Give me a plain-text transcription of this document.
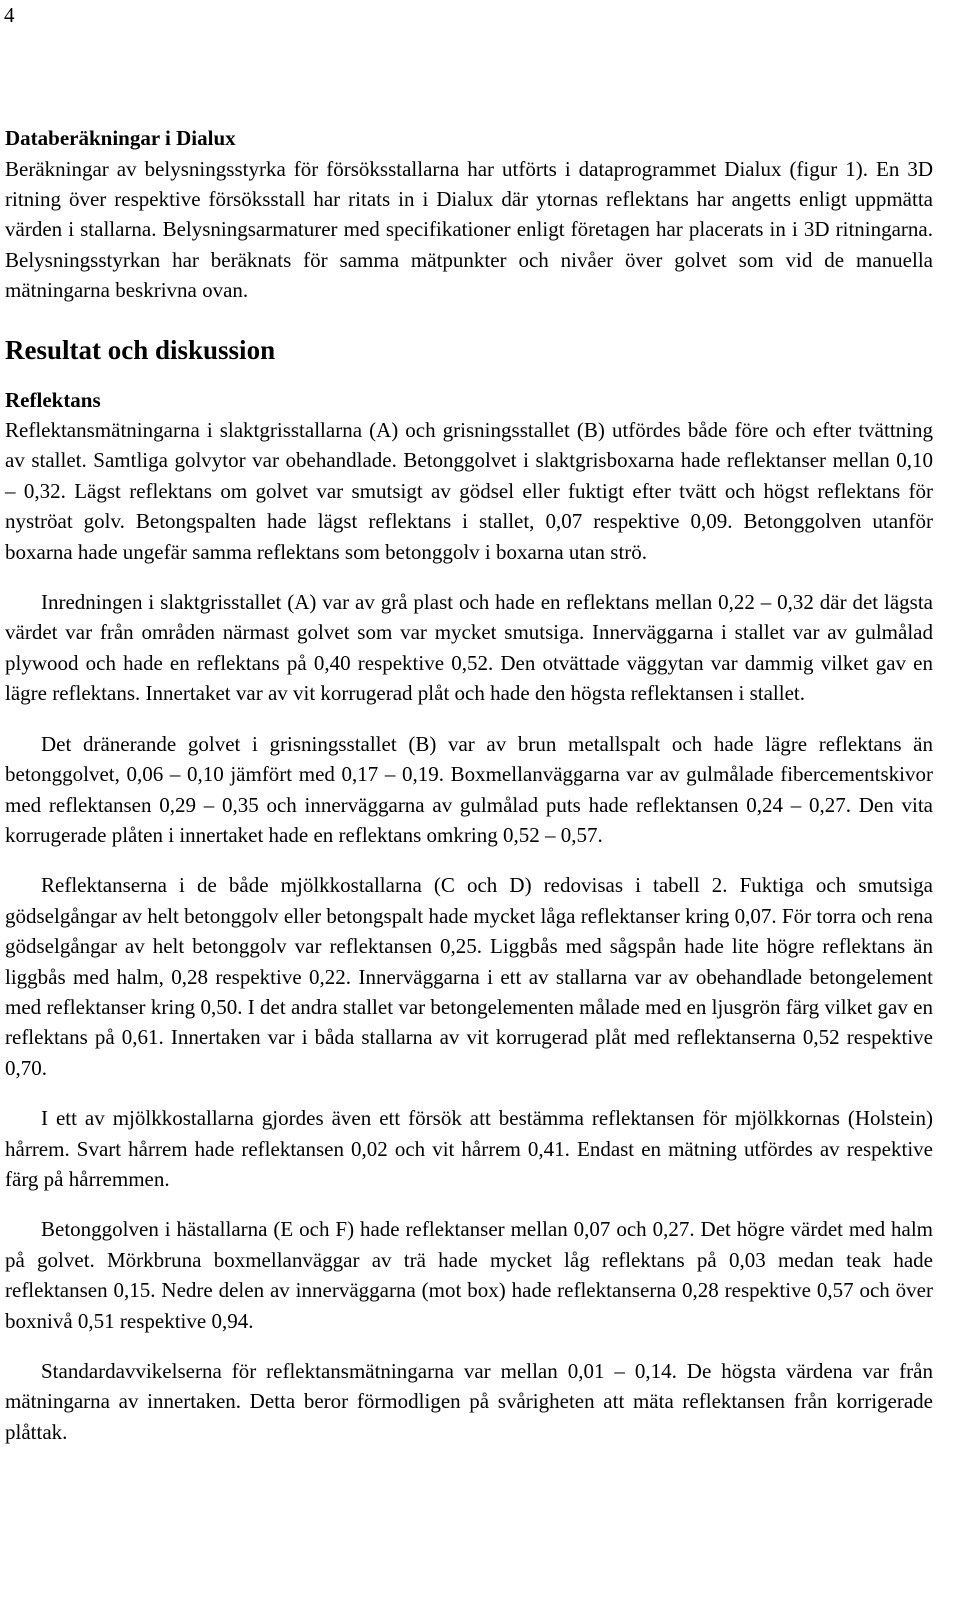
4
Databeräkningar i Dialux

Beräkningar av belysningsstyrka för försöksstallarna har utförts i dataprogrammet Dialux (figur 1). En 3D ritning över respektive försöksstall har ritats in i Dialux där ytornas reflektans har angetts enligt uppmätta värden i stallarna. Belysningsarmaturer med specifikationer enligt företagen har placerats in i 3D ritningarna. Belysningsstyrkan har beräknats för samma mätpunkter och nivåer över golvet som vid de manuella mätningarna beskrivna ovan.

Resultat och diskussion
Reflektans

Reflektansmätningarna i slaktgrisstallarna (A) och grisningsstallet (B) utfördes både före och efter tvättning av stallet. Samtliga golvytor var obehandlade. Betonggolvet i slaktgrisboxarna hade reflektanser mellan 0,10 – 0,32. Lägst reflektans om golvet var smutsigt av gödsel eller fuktigt efter tvätt och högst reflektans för nyströat golv. Betongspalten hade lägst reflektans i stallet, 0,07 respektive 0,09. Betonggolven utanför boxarna hade ungefär samma reflektans som betonggolv i boxarna utan strö.

Inredningen i slaktgrisstallet (A) var av grå plast och hade en reflektans mellan 0,22 – 0,32 där det lägsta värdet var från områden närmast golvet som var mycket smutsiga. Innerväggarna i stallet var av gulmålad plywood och hade en reflektans på 0,40 respektive 0,52. Den otvättade väggytan var dammig vilket gav en lägre reflektans. Innertaket var av vit korrugerad plåt och hade den högsta reflektansen i stallet.

Det dränerande golvet i grisningsstallet (B) var av brun metallspalt och hade lägre reflektans än betonggolvet, 0,06 – 0,10 jämfört med 0,17 – 0,19. Boxmellanväggarna var av gulmålade fibercementskivor med reflektansen 0,29 – 0,35 och innerväggarna av gulmålad puts hade reflektansen 0,24 – 0,27. Den vita korrugerade plåten i innertaket hade en reflektans omkring 0,52 – 0,57.

Reflektanserna i de både mjölkkostallarna (C och D) redovisas i tabell 2. Fuktiga och smutsiga gödselgångar av helt betonggolv eller betongspalt hade mycket låga reflektanser kring 0,07. För torra och rena gödselgångar av helt betonggolv var reflektansen 0,25. Liggbås med sågspån hade lite högre reflektans än liggbås med halm, 0,28 respektive 0,22. Innerväggarna i ett av stallarna var av obehandlade betongelement med reflektanser kring 0,50. I det andra stallet var betongelementen målade med en ljusgrön färg vilket gav en reflektans på 0,61. Innertaken var i båda stallarna av vit korrugerad plåt med reflektanserna 0,52 respektive 0,70.

I ett av mjölkkostallarna gjordes även ett försök att bestämma reflektansen för mjölkkornas (Holstein) hårrem. Svart hårrem hade reflektansen 0,02 och vit hårrem 0,41. Endast en mätning utfördes av respektive färg på hårremmen.

Betonggolven i hästallarna (E och F) hade reflektanser mellan 0,07 och 0,27. Det högre värdet med halm på golvet. Mörkbruna boxmellanväggar av trä hade mycket låg reflektans på 0,03 medan teak hade reflektansen 0,15. Nedre delen av innerväggarna (mot box) hade reflektanserna 0,28 respektive 0,57 och över boxnivå 0,51 respektive 0,94.

Standardavvikelserna för reflektansmätningarna var mellan 0,01 – 0,14. De högsta värdena var från mätningarna av innertaken. Detta beror förmodligen på svårigheten att mäta reflektansen från korrigerade plåttak.
